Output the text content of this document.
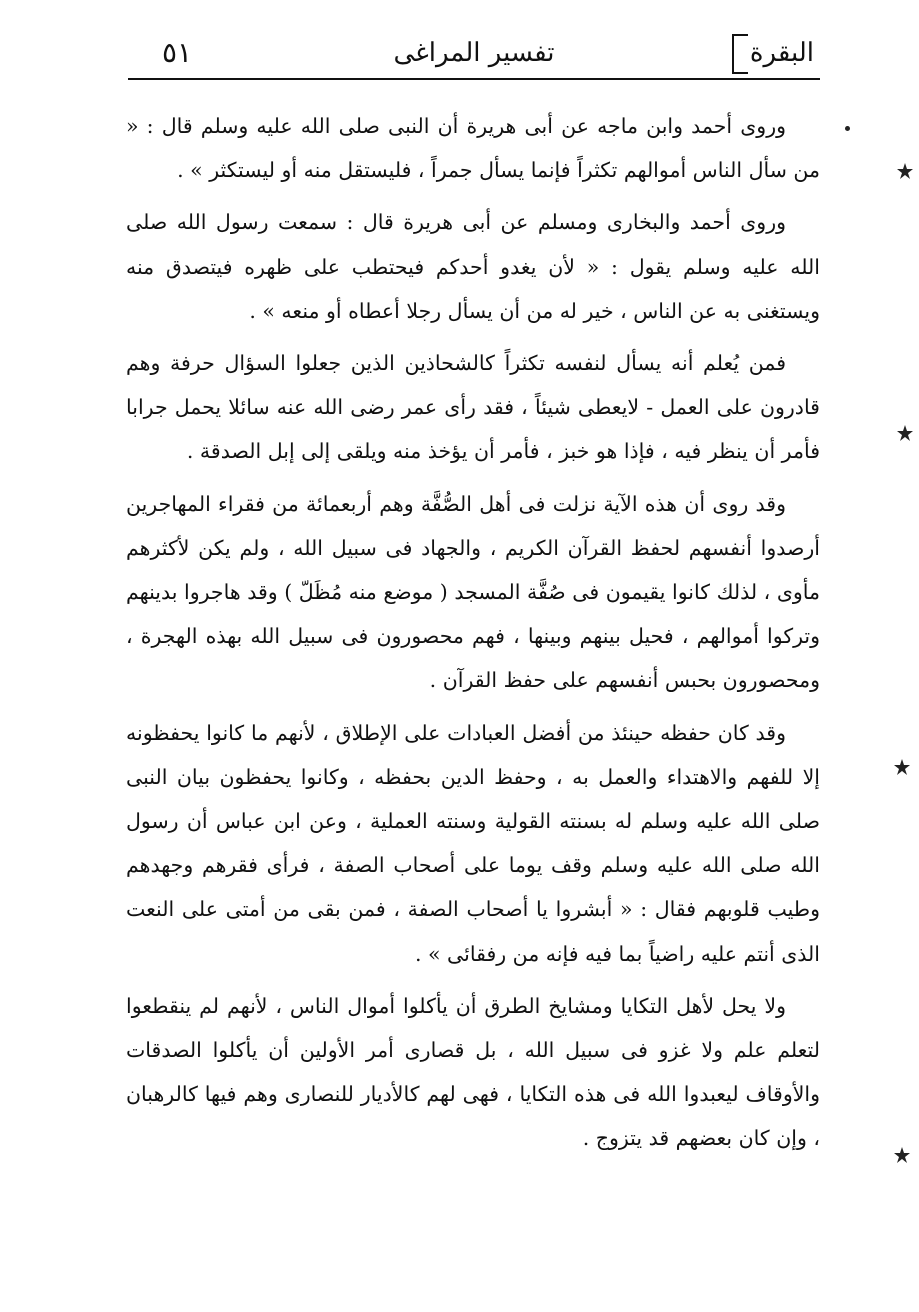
البقرة
تفسير المراغى
٥١

وروى أحمد وابن ماجه عن أبى هريرة أن النبى صلى الله عليه وسلم قال : « من سأل الناس أموالهم تكثراً فإنما يسأل جمراً ، فليستقل منه أو ليستكثر » .

وروى أحمد والبخارى ومسلم عن أبى هريرة قال : سمعت رسول الله صلى الله عليه وسلم يقول : « لأن يغدو أحدكم فيحتطب على ظهره فيتصدق منه ويستغنى به عن الناس ، خير له من أن يسأل رجلا أعطاه أو منعه » .

فمن يُعلم أنه يسأل لنفسه تكثراً كالشحاذين الذين جعلوا السؤال حرفة وهم قادرون على العمل - لايعطى شيئاً ، فقد رأى عمر رضى الله عنه سائلا يحمل جرابا فأمر أن ينظر فيه ، فإذا هو خبز ، فأمر أن يؤخذ منه ويلقى إلى إبل الصدقة .

وقد روى أن هذه الآية نزلت فى أهل الصُّفَّة وهم أربعمائة من فقراء المهاجرين أرصدوا أنفسهم لحفظ القرآن الكريم ، والجهاد فى سبيل الله ، ولم يكن لأكثرهم مأوى ، لذلك كانوا يقيمون فى صُفَّة المسجد ( موضع منه مُظَلّ ) وقد هاجروا بدينهم وتركوا أموالهم ، فحيل بينهم وبينها ، فهم محصورون فى سبيل الله بهذه الهجرة ، ومحصورون بحبس أنفسهم على حفظ القرآن .

وقد كان حفظه حينئذ من أفضل العبادات على الإطلاق ، لأنهم ما كانوا يحفظونه إلا للفهم والاهتداء والعمل به ، وحفظ الدين بحفظه ، وكانوا يحفظون بيان النبى صلى الله عليه وسلم له بسنته القولية وسنته العملية ، وعن ابن عباس أن رسول الله صلى الله عليه وسلم وقف يوما على أصحاب الصفة ، فرأى فقرهم وجهدهم وطيب قلوبهم فقال : « أبشروا يا أصحاب الصفة ، فمن بقى من أمتى على النعت الذى أنتم عليه راضياً بما فيه فإنه من رفقائى » .

ولا يحل لأهل التكايا ومشايخ الطرق أن يأكلوا أموال الناس ، لأنهم لم ينقطعوا لتعلم علم ولا غزو فى سبيل الله ، بل قصارى أمر الأولين أن يأكلوا الصدقات والأوقاف ليعبدوا الله فى هذه التكايا ، فهى لهم كالأديار للنصارى وهم فيها كالرهبان ، وإن كان بعضهم قد يتزوج .
